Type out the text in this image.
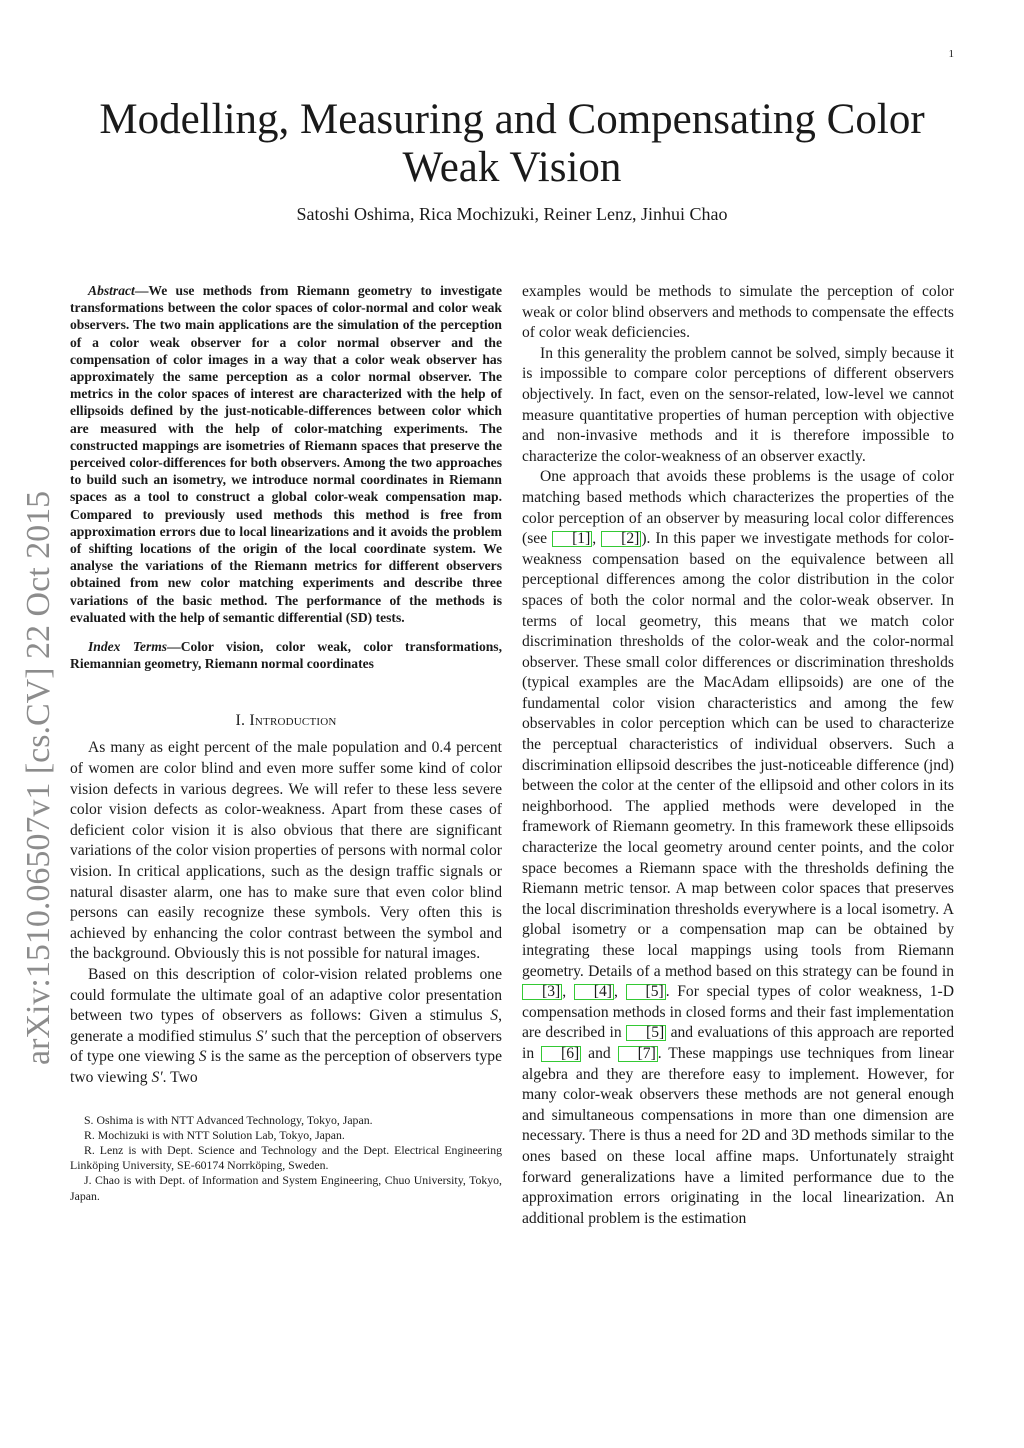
1
Modelling, Measuring and Compensating Color Weak Vision

Satoshi Oshima, Rica Mochizuki, Reiner Lenz, Jinhui Chao

arXiv:1510.06507v1 [cs.CV] 22 Oct 2015

Abstract—We use methods from Riemann geometry to investigate transformations between the color spaces of color-normal and color weak observers. The two main applications are the simulation of the perception of a color weak observer for a color normal observer and the compensation of color images in a way that a color weak observer has approximately the same perception as a color normal observer. The metrics in the color spaces of interest are characterized with the help of ellipsoids defined by the just-noticable-differences between color which are measured with the help of color-matching experiments. The constructed mappings are isometries of Riemann spaces that preserve the perceived color-differences for both observers. Among the two approaches to build such an isometry, we introduce normal coordinates in Riemann spaces as a tool to construct a global color-weak compensation map. Compared to previously used methods this method is free from approximation errors due to local linearizations and it avoids the problem of shifting locations of the origin of the local coordinate system. We analyse the variations of the Riemann metrics for different observers obtained from new color matching experiments and describe three variations of the basic method. The performance of the methods is evaluated with the help of semantic differential (SD) tests.

Index Terms—Color vision, color weak, color transformations, Riemannian geometry, Riemann normal coordinates

I. Introduction

As many as eight percent of the male population and 0.4 percent of women are color blind and even more suffer some kind of color vision defects in various degrees. We will refer to these less severe color vision defects as color-weakness. Apart from these cases of deficient color vision it is also obvious that there are significant variations of the color vision properties of persons with normal color vision. In critical applications, such as the design traffic signals or natural disaster alarm, one has to make sure that even color blind persons can easily recognize these symbols. Very often this is achieved by enhancing the color contrast between the symbol and the background. Obviously this is not possible for natural images.

Based on this description of color-vision related problems one could formulate the ultimate goal of an adaptive color presentation between two types of observers as follows: Given a stimulus S, generate a modified stimulus S′ such that the perception of observers of type one viewing S is the same as the perception of observers type two viewing S′. Two

S. Oshima is with NTT Advanced Technology, Tokyo, Japan.

R. Mochizuki is with NTT Solution Lab, Tokyo, Japan.

R. Lenz is with Dept. Science and Technology and the Dept. Electrical Engineering Linköping University, SE-60174 Norrköping, Sweden.

J. Chao is with Dept. of Information and System Engineering, Chuo University, Tokyo, Japan.

examples would be methods to simulate the perception of color weak or color blind observers and methods to compensate the effects of color weak deficiencies.

In this generality the problem cannot be solved, simply because it is impossible to compare color perceptions of different observers objectively. In fact, even on the sensor-related, low-level we cannot measure quantitative properties of human perception with objective and non-invasive methods and it is therefore impossible to characterize the color-weakness of an observer exactly.

One approach that avoids these problems is the usage of color matching based methods which characterizes the properties of the color perception of an observer by measuring local color differences (see [1] , [2] ). In this paper we investigate methods for color-weakness compensation based on the equivalence between all perceptional differences among the color distribution in the color spaces of both the color normal and the color-weak observer. In terms of local geometry, this means that we match color discrimination thresholds of the color-weak and the color-normal observer. These small color differences or discrimination thresholds (typical examples are the MacAdam ellipsoids) are one of the fundamental color vision characteristics and among the few observables in color perception which can be used to characterize the perceptual characteristics of individual observers. Such a discrimination ellipsoid describes the just-noticeable difference (jnd) between the color at the center of the ellipsoid and other colors in its neighborhood. The applied methods were developed in the framework of Riemann geometry. In this framework these ellipsoids characterize the local geometry around center points, and the color space becomes a Riemann space with the thresholds defining the Riemann metric tensor. A map between color spaces that preserves the local discrimination thresholds everywhere is a local isometry. A global isometry or a compensation map can be obtained by integrating these local mappings using tools from Riemann geometry. Details of a method based on this strategy can be found in [3] , [4] , [5] . For special types of color weakness, 1-D compensation methods in closed forms and their fast implementation are described in [5] and evaluations of this approach are reported in [6] and [7] . These mappings use techniques from linear algebra and they are therefore easy to implement. However, for many color-weak observers these methods are not general enough and simultaneous compensations in more than one dimension are necessary. There is thus a need for 2D and 3D methods similar to the ones based on these local affine maps. Unfortunately straight forward generalizations have a limited performance due to the approximation errors originating in the local linearization. An additional problem is the estimation
